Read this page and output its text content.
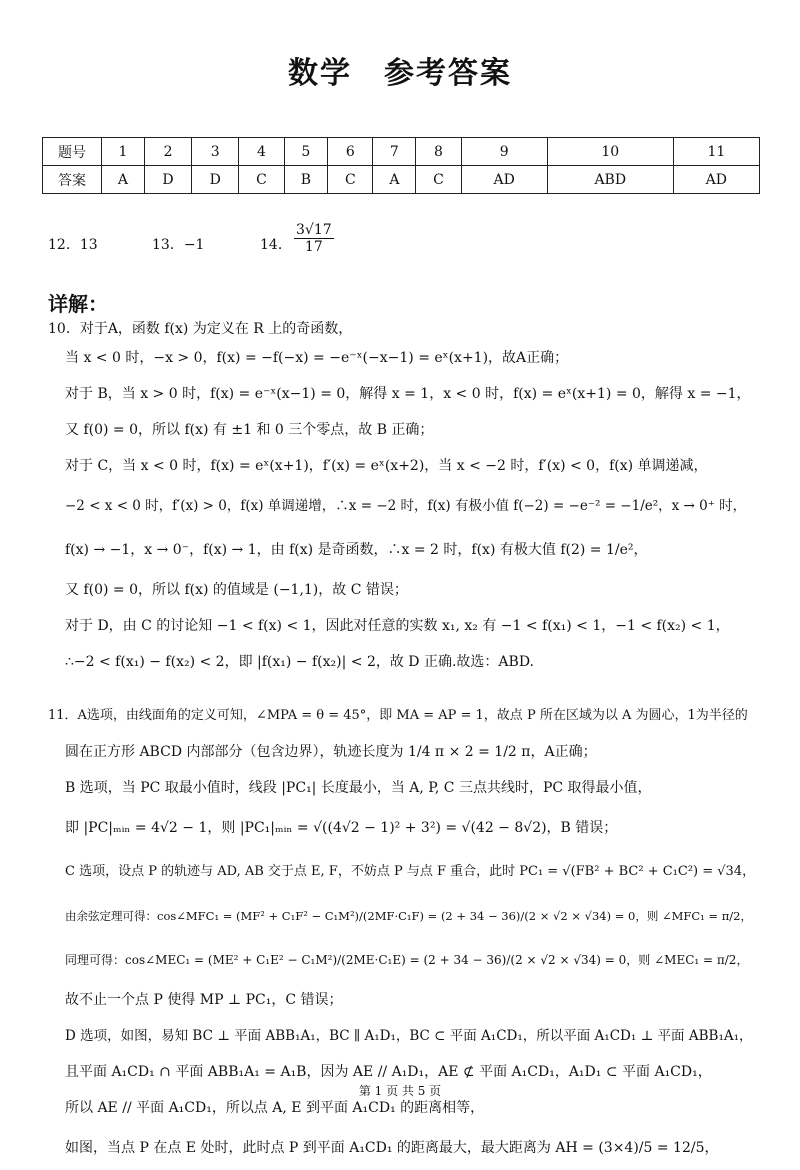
数学　参考答案
题号	1	2	3	4	5	6	7	8	9	10	11
答案	A	D	D	C	B	C	A	C	AD	ABD	AD
12．13	13．−1	14． $\frac{3√17}{17}$
详解：
10．对于A，函数 f(x) 为定义在 R 上的奇函数，
当 x < 0 时，−x > 0，f(x) = −f(−x) = −e⁻ˣ(−x−1) = eˣ(x+1)，故A正确；
对于 B，当 x > 0 时，f(x) = e⁻ˣ(x−1) = 0，解得 x = 1，x < 0 时，f(x) = eˣ(x+1) = 0，解得 x = −1，
又 f(0) = 0，所以 f(x) 有 ±1 和 0 三个零点，故 B 正确；
对于 C，当 x < 0 时，f(x) = eˣ(x+1)，f′(x) = eˣ(x+2)，当 x < −2 时，f′(x) < 0，f(x) 单调递减，
−2 < x < 0 时，f′(x) > 0，f(x) 单调递增，∴x = −2 时，f(x) 有极小值 f(−2) = −e⁻² = −1/e²，x → 0⁺ 时，
f(x) → −1，x → 0⁻，f(x) → 1，由 f(x) 是奇函数，∴x = 2 时，f(x) 有极大值 f(2) = 1/e²，
又 f(0) = 0，所以 f(x) 的值域是 (−1,1)，故 C 错误；
对于 D，由 C 的讨论知 −1 < f(x) < 1，因此对任意的实数 x₁, x₂ 有 −1 < f(x₁) < 1，−1 < f(x₂) < 1，
∴−2 < f(x₁) − f(x₂) < 2，即 |f(x₁) − f(x₂)| < 2，故 D 正确.故选：ABD.
11．A选项，由线面角的定义可知，∠MPA = θ = 45°，即 MA = AP = 1，故点 P 所在区域为以 A 为圆心，1为半径的
圆在正方形 ABCD 内部部分（包含边界），轨迹长度为 1/4 π × 2 = 1/2 π，A正确；
B 选项，当 PC 取最小值时，线段 |PC₁| 长度最小，当 A, P, C 三点共线时，PC 取得最小值，
即 |PC|ₘᵢₙ = 4√2 − 1，则 |PC₁|ₘᵢₙ = √((4√2 − 1)² + 3²) = √(42 − 8√2)，B 错误；
C 选项，设点 P 的轨迹与 AD, AB 交于点 E, F，不妨点 P 与点 F 重合，此时 PC₁ = √(FB² + BC² + C₁C²) = √34，
由余弦定理可得：cos∠MFC₁ = (MF² + C₁F² − C₁M²)/(2MF·C₁F) = (2 + 34 − 36)/(2 × √2 × √34) = 0，则 ∠MFC₁ = π/2，
同理可得：cos∠MEC₁ = (ME² + C₁E² − C₁M²)/(2ME·C₁E) = (2 + 34 − 36)/(2 × √2 × √34) = 0，则 ∠MEC₁ = π/2，
故不止一个点 P 使得 MP ⊥ PC₁，C 错误；
D 选项，如图，易知 BC ⊥ 平面 ABB₁A₁，BC ∥ A₁D₁，BC ⊂ 平面 A₁CD₁，所以平面 A₁CD₁ ⊥ 平面 ABB₁A₁，
且平面 A₁CD₁ ∩ 平面 ABB₁A₁ = A₁B，因为 AE // A₁D₁，AE ⊄ 平面 A₁CD₁，A₁D₁ ⊂ 平面 A₁CD₁，
所以 AE // 平面 A₁CD₁，所以点 A, E 到平面 A₁CD₁ 的距离相等，
如图，当点 P 在点 E 处时，此时点 P 到平面 A₁CD₁ 的距离最大，最大距离为 AH = (3×4)/5 = 12/5，
第 1 页 共 5 页
